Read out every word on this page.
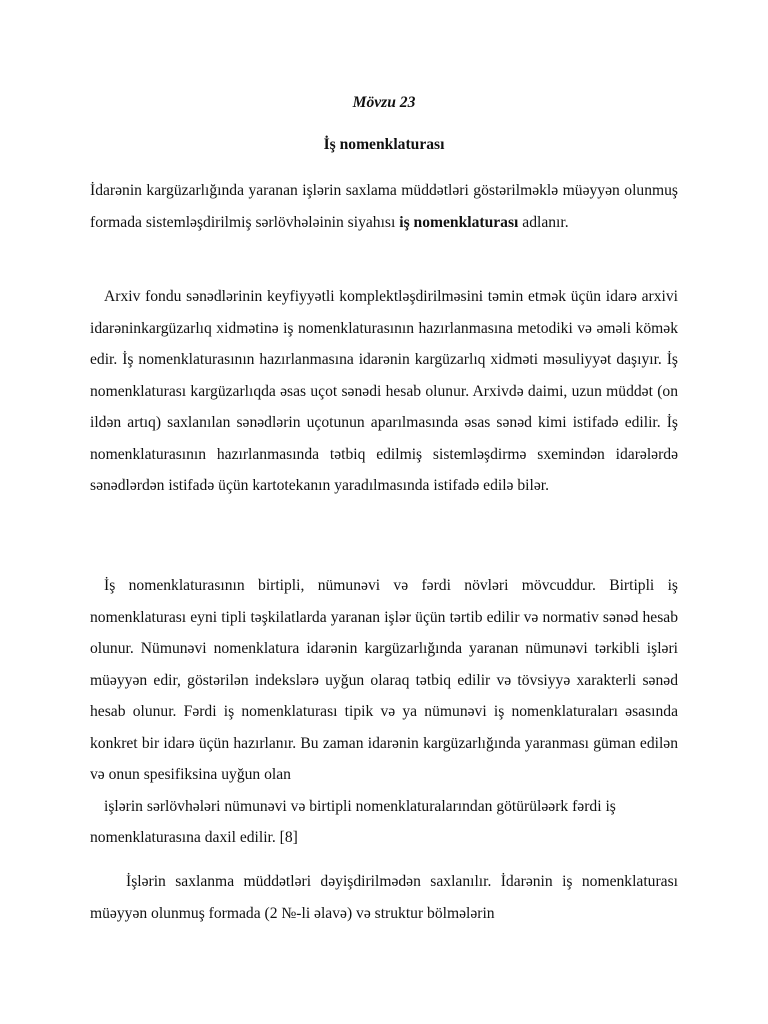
Mövzu 23
İş nomenklaturası

İdarənin kargüzarlığında yaranan işlərin saxlama müddətləri göstərilməklə müəyyən olunmuş formada sistemləşdirilmiş sərlövhələinin siyahısı iş nomenklaturası adlanır.

Arxiv fondu sənədlərinin keyfiyyətli komplektləşdirilməsini təmin etmək üçün idarə arxivi idarəninkargüzarlıq xidmətinə iş nomenklaturasının hazırlanmasına metodiki və əməli kömək edir. İş nomenklaturasının hazırlanmasına idarənin kargüzarlıq xidməti məsuliyyət daşıyır. İş nomenklaturası kargüzarlıqda əsas uçot sənədi hesab olunur. Arxivdə daimi, uzun müddət (on ildən artıq) saxlanılan sənədlərin uçotunun aparılmasında əsas sənəd kimi istifadə edilir. İş nomenklaturasının hazırlanmasında tətbiq edilmiş sistemləşdirmə sxemindən idarələrdə sənədlərdən istifadə üçün kartotekanın yaradılmasında istifadə edilə bilər.

İş nomenklaturasının birtipli, nümunəvi və fərdi növləri mövcuddur. Birtipli iş nomenklaturası eyni tipli təşkilatlarda yaranan işlər üçün tərtib edilir və normativ sənəd hesab olunur. Nümunəvi nomenklatura idarənin kargüzarlığında yaranan nümunəvi tərkibli işləri müəyyən edir, göstərilən indekslərə uyğun olaraq tətbiq edilir və tövsiyyə xarakterli sənəd hesab olunur. Fərdi iş nomenklaturası tipik və ya nümunəvi iş nomenklaturaları əsasında konkret bir idarə üçün hazırlanır. Bu zaman idarənin kargüzarlığında yaranması güman edilən və onun spesifiksina uyğun olan
işlərin sərlövhələri nümunəvi və birtipli nomenklaturalarından götürüləərk fərdi iş nomenklaturasına daxil edilir. [8]

İşlərin saxlanma müddətləri dəyişdirilmədən saxlanılır. İdarənin iş nomenklaturası müəyyən olunmuş formada (2 №-li əlavə) və struktur bölmələrin
